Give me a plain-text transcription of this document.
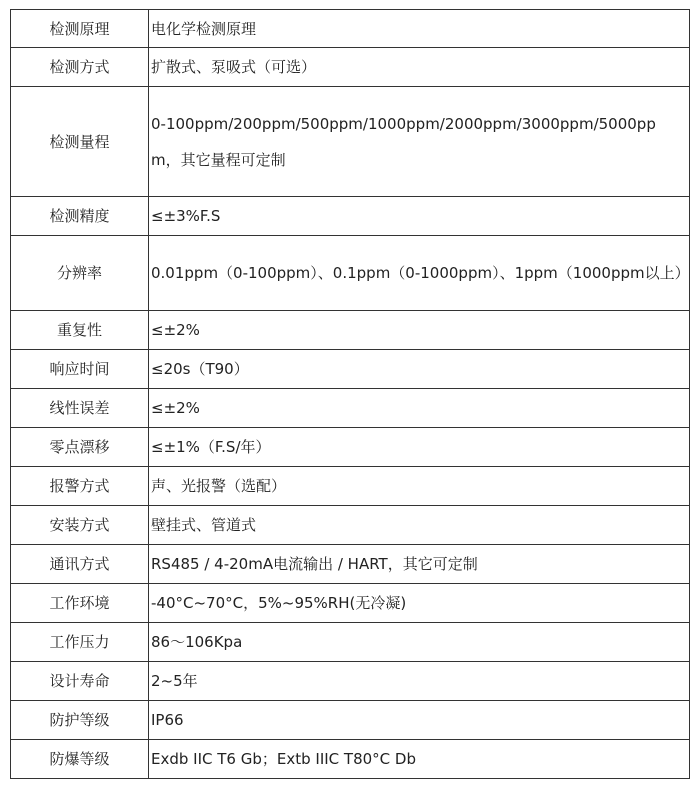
检测原理	电化学检测原理
检测方式	扩散式、泵吸式（可选）
检测量程	0-100ppm/200ppm/500ppm/1000ppm/2000ppm/3000ppm/5000ppm，其它量程可定制
检测精度	≤±3%F.S
分辨率	0.01ppm（0-100ppm）、0.1ppm（0-1000ppm）、1ppm（1000ppm以上）
重复性	≤±2%
响应时间	≤20s（T90）
线性误差	≤±2%
零点漂移	≤±1%（F.S/年）
报警方式	声、光报警（选配）
安装方式	壁挂式、管道式
通讯方式	RS485 / 4-20mA电流输出 / HART，其它可定制
工作环境	-40°C~70°C，5%~95%RH(无冷凝)
工作压力	86～106Kpa
设计寿命	2~5年
防护等级	IP66
防爆等级	Exdb IIC T6 Gb；Extb IIIC T80°C Db
